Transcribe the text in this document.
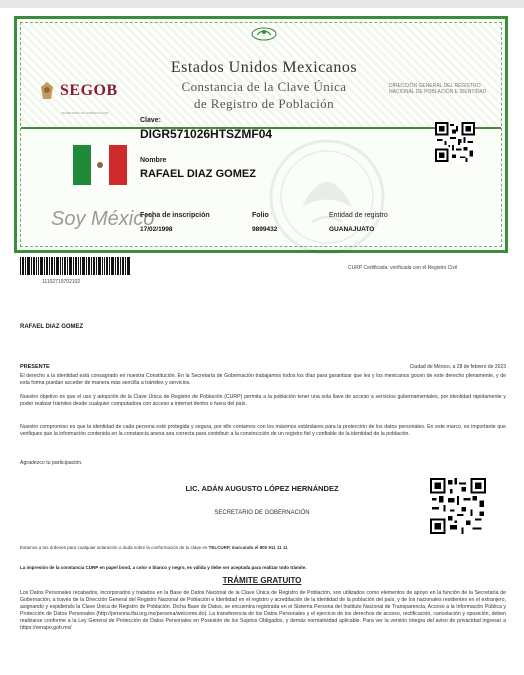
Estados Unidos Mexicanos
Constancia de la Clave Única
de Registro de Población
SEGOB
SECRETARÍA DE GOBERNACIÓN
DIRECCIÓN GENERAL DEL REGISTRO NACIONAL DE POBLACIÓN E IDENTIDAD
Soy México
Clave:
DIGR571026HTSZMF04
Nombre
RAFAEL DIAZ GOMEZ
Fecha de inscripción
17/02/1998
Folio
9899432
Entidad de registro
GUANAJUATO
11102719702102
CURP Certificada: verificada con el Registro Civil
RAFAEL DIAZ GOMEZ
PRESENTE	Ciudad de México, a 28 de febrero de 2023
El derecho a la identidad está consagrado en nuestra Constitución. En la Secretaría de Gobernación trabajamos todos los días para garantizar que les y los mexicanos gocen de este derecho plenamente, y de esta forma puedan acceder de manera más sencilla a trámites y servicios.
Nuestro objetivo es que el uso y adopción de la Clave Única de Registro de Población (CURP) permita a la población tener una sola llave de acceso a servicios gubernamentales, por identidad rápidamente y poder realizar trámites desde cualquier computadora con acceso a internet dentro o fuera del país.
Nuestro compromiso es que la identidad de cada persona esté protegida y segura, por ello contamos con los máximos estándares para la protección de los datos personales. En este marco, es importante que verifiques que la información contenida en la constancia anexa sea correcta para contribuir a la construcción de un registro fiel y confiable de la identidad de la población.
Agradezco tu participación.
LIC. ADÁN AUGUSTO LÓPEZ HERNÁNDEZ
SECRETARIO DE GOBERNACIÓN
Estamos a tus órdenes para cualquier aclaración o duda sobre la conformación de tu clave en TELCURP, marcando el 800 911 11 11
La impresión de la constancia CURP en papel bond, a color o blanco y negro, es válida y debe ser aceptada para realizar todo trámite.
TRÁMITE GRATUITO
Los Datos Personales recabados, incorporados y tratados en la Base de Datos Nacional de la Clave Única de Registro de Población, son utilizados como elementos de apoyo en la función de la Secretaría de Gobernación, a través de la Dirección General del Registro Nacional de Población e Identidad en el registro y acreditación de la identidad de la población del país, y de los nacionales residentes en el extranjero, asignando y expidiendo la Clave Única de Registro de Población. Dicha Base de Datos, se encuentra registrada en el Sistema Persona del Instituto Nacional de Transparencia, Acceso a la Información Pública y Protección de Datos Personales (http://persona.ifai.org.mx/persona/welcome.do). La transferencia de los Datos Personales y el ejercicio de los derechos de acceso, rectificación, cancelación y oposición, deben realizarse conforme a la Ley General de Protección de Datos Personales en Posesión de los Sujetos Obligados, y demás normatividad aplicable. Para ver la versión íntegra del aviso de privacidad ingresar a https://renapo.gob.mx/
